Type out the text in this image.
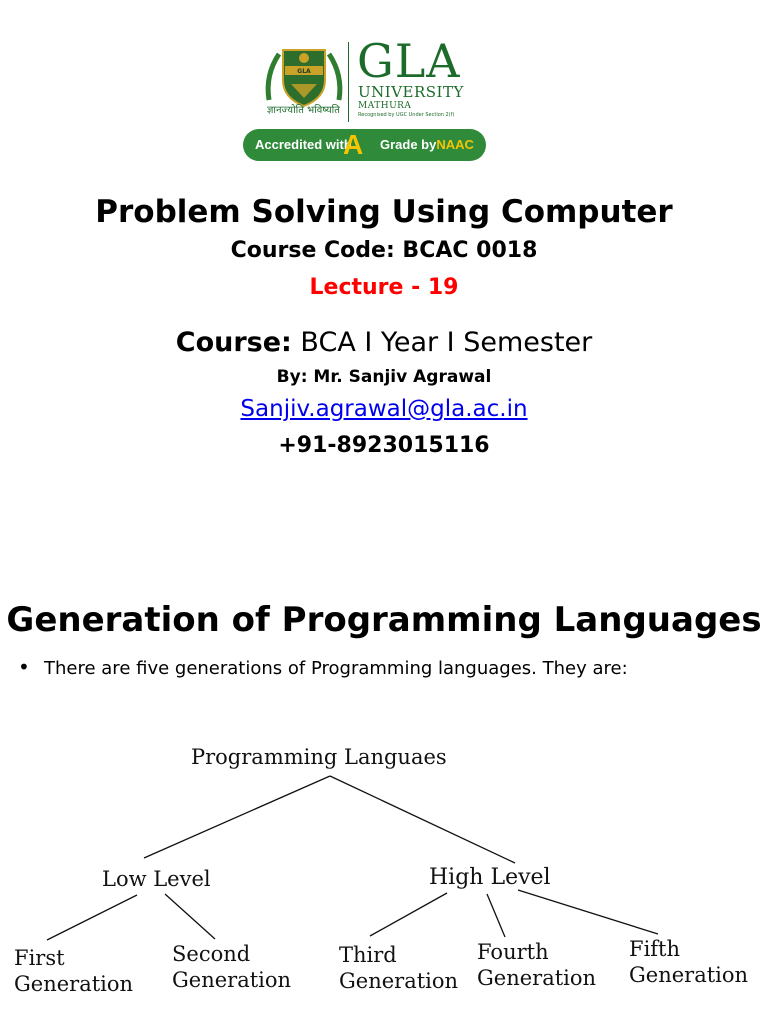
GLA
ज्ञानज्योति भविष्यति
GLA
UNIVERSITY
MATHURA
Recognised by UGC Under Section 2(f)
Accredited with
A Grade byNAAC
Problem Solving Using Computer
Course Code: BCAC 0018
Lecture - 19
Course: BCA I Year I Semester
By: Mr. Sanjiv Agrawal
Sanjiv.agrawal@gla.ac.in
+91-8923015116
Generation of Programming Languages
• There are five generations of Programming languages. They are:
Programming Languaes
Low Level	High Level
First
Generation
Second
Generation
Third
Generation
Fourth
Generation
Fifth
Generation
